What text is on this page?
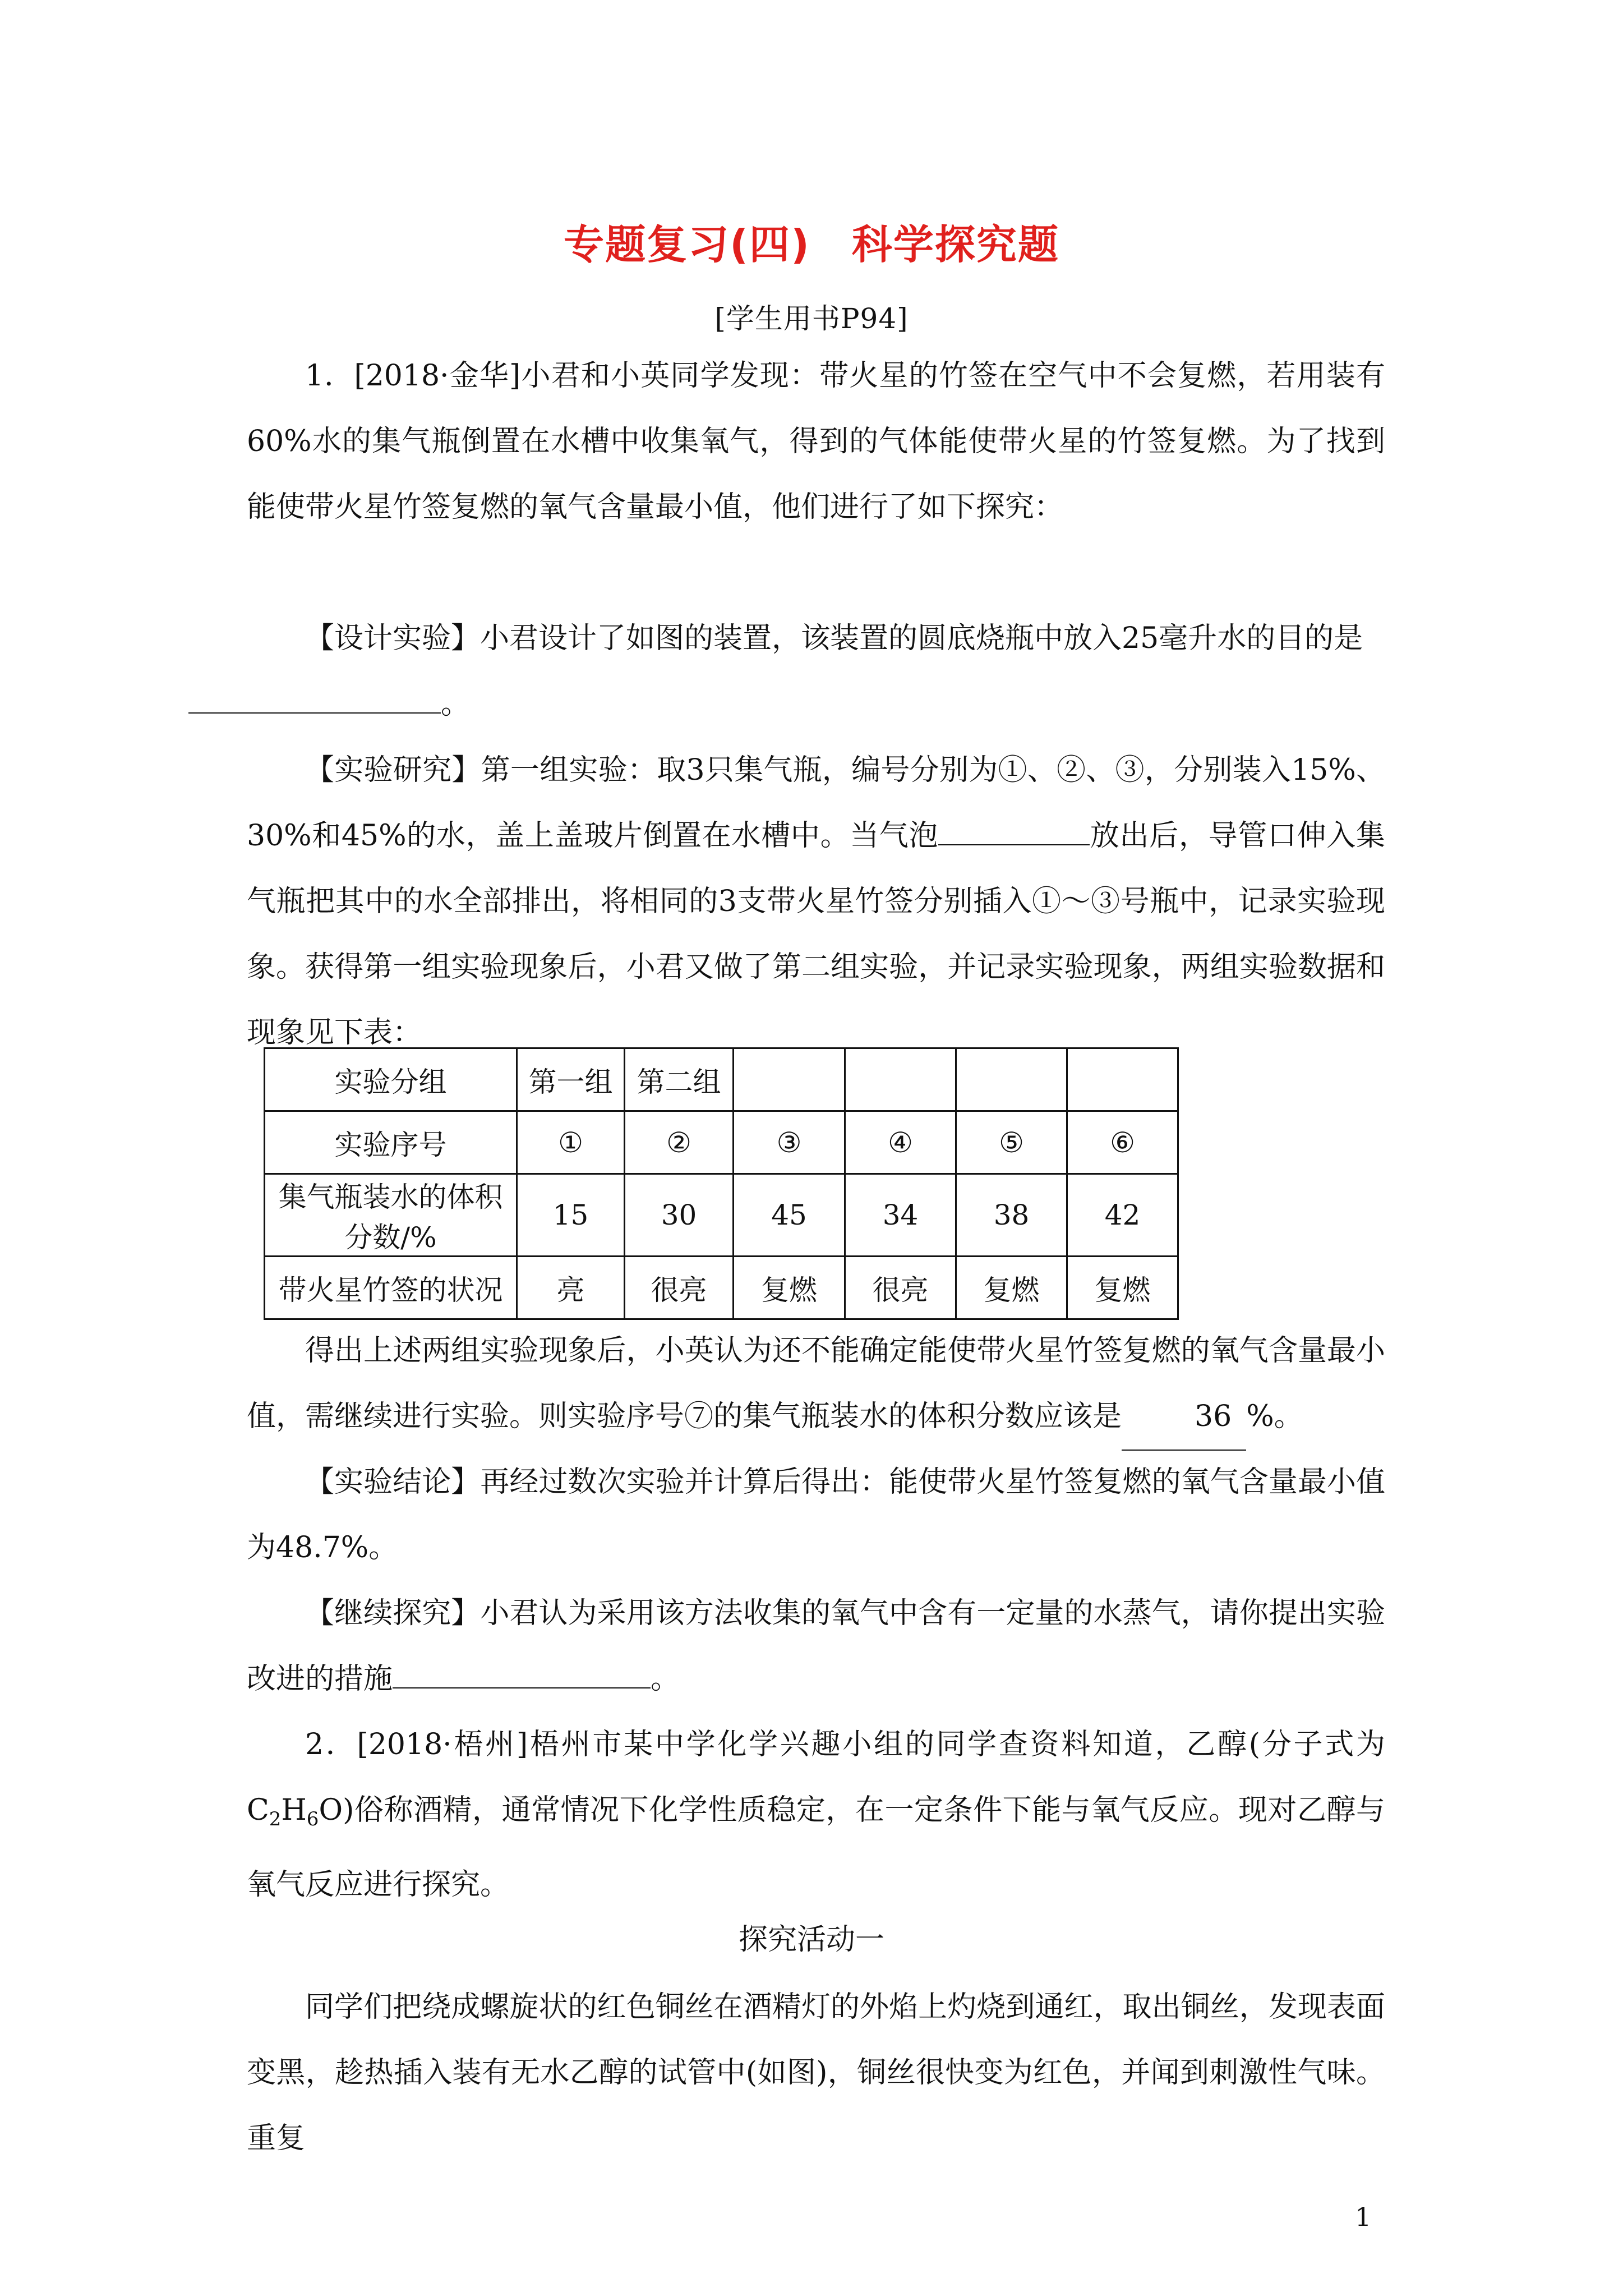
专题复习(四)　科学探究题
[学生用书P94]
1．[2018·金华]小君和小英同学发现：带火星的竹签在空气中不会复燃，若用装有60%水的集气瓶倒置在水槽中收集氧气，得到的气体能使带火星的竹签复燃。为了找到能使带火星竹签复燃的氧气含量最小值，他们进行了如下探究：
【设计实验】小君设计了如图的装置，该装置的圆底烧瓶中放入25毫升水的目的是
。
【实验研究】第一组实验：取3只集气瓶，编号分别为①、②、③，分别装入15%、30%和45%的水，盖上盖玻片倒置在水槽中。当气泡	放出后，导管口伸入集气瓶把其中的水全部排出，将相同的3支带火星竹签分别插入①～③号瓶中，记录实验现象。获得第一组实验现象后，小君又做了第二组实验，并记录实验现象，两组实验数据和现象见下表：
实验分组	第一组	第二组				
实验序号	①	②	③	④	⑤	⑥
集气瓶装水的体积分数/%	15	30	45	34	38	42
带火星竹签的状况	亮	很亮	复燃	很亮	复燃	复燃
得出上述两组实验现象后，小英认为还不能确定能使带火星竹签复燃的氧气含量最小值，需继续进行实验。则实验序号⑦的集气瓶装水的体积分数应该是	36 %。
【实验结论】再经过数次实验并计算后得出：能使带火星竹签复燃的氧气含量最小值为48.7%。
【继续探究】小君认为采用该方法收集的氧气中含有一定量的水蒸气，请你提出实验改进的措施	。
2．[2018·梧州]梧州市某中学化学兴趣小组的同学查资料知道，乙醇(分子式为$C_2H_6O$)俗称酒精，通常情况下化学性质稳定，在一定条件下能与氧气反应。现对乙醇与氧气反应进行探究。
探究活动一
同学们把绕成螺旋状的红色铜丝在酒精灯的外焰上灼烧到通红，取出铜丝，发现表面变黑，趁热插入装有无水乙醇的试管中(如图)，铜丝很快变为红色，并闻到刺激性气味。重复
1
